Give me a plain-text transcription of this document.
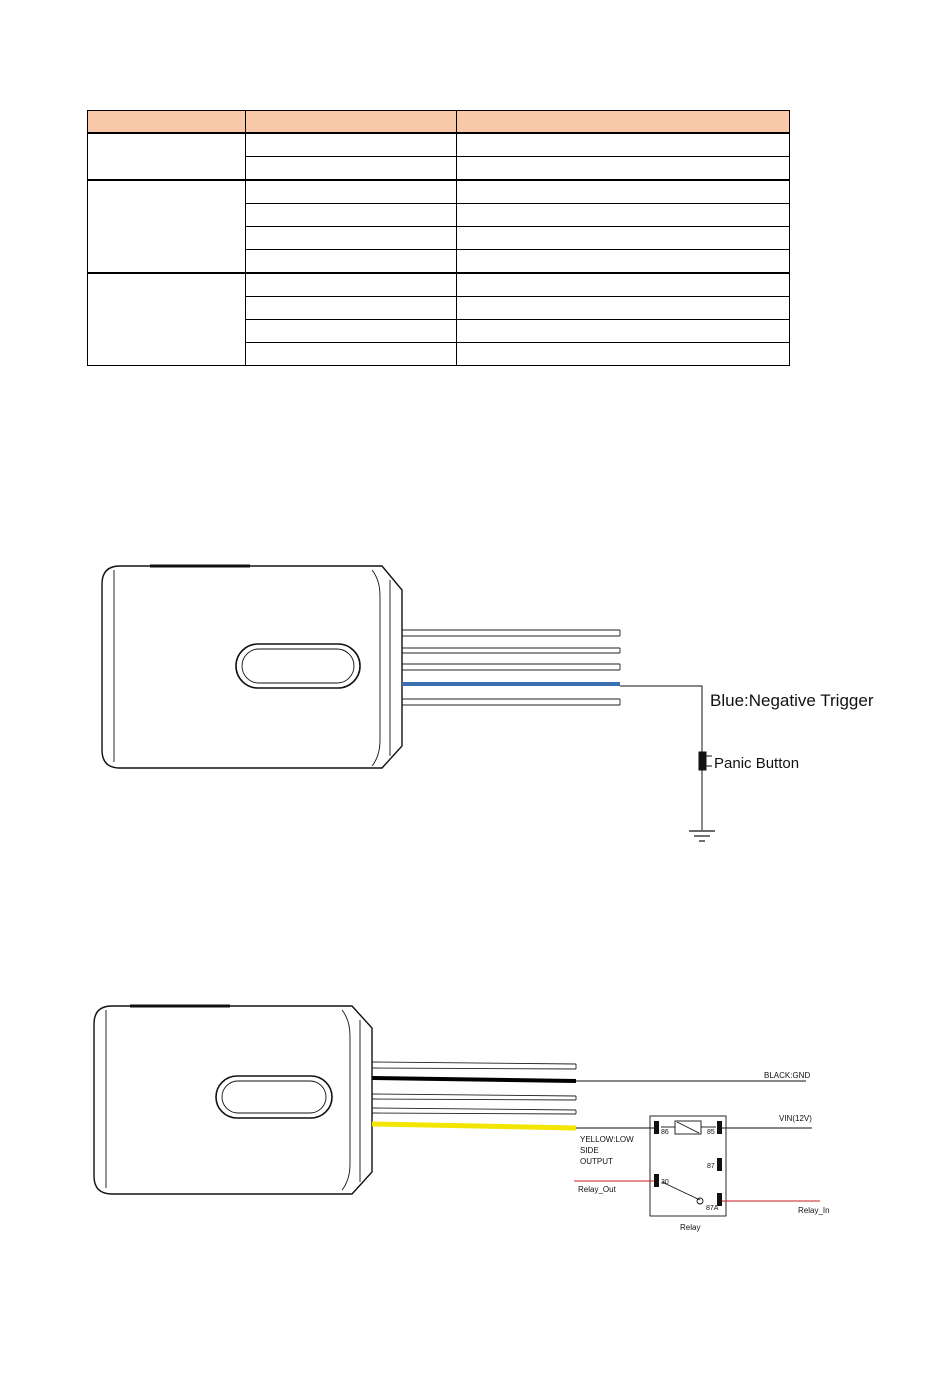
Blue:Negative Trigger
Panic Button
86	85
87
30
87A
BLACK:GND
VIN(12V)
YELLOW:LOW
SIDE
OUTPUT
Relay_Out
Relay_In
Relay
